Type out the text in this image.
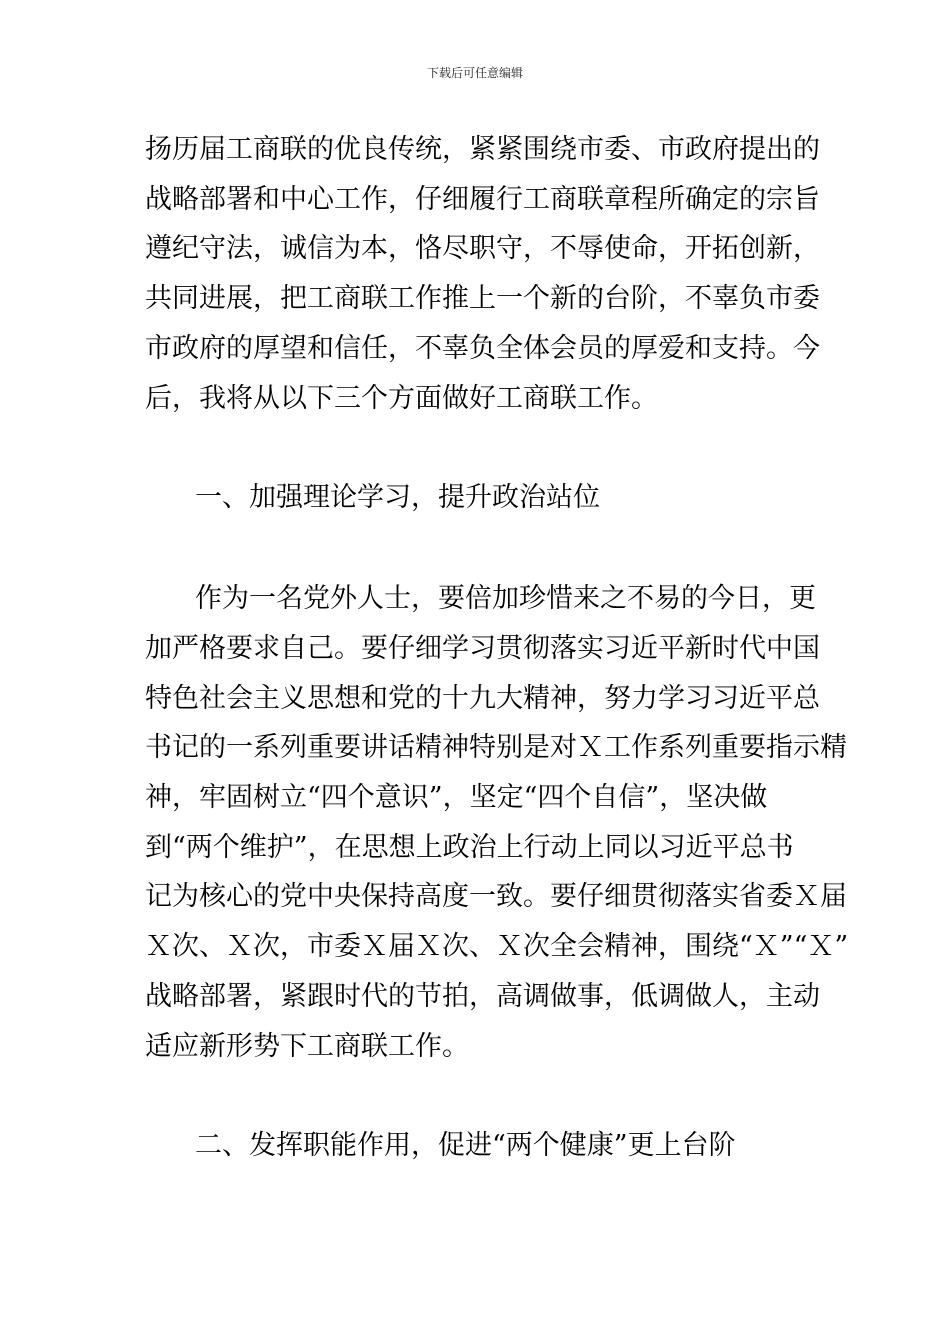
下载后可任意编辑
扬历届工商联的优良传统，紧紧围绕市委、市政府提出的
战略部署和中心工作，仔细履行工商联章程所确定的宗旨
遵纪守法，诚信为本，恪尽职守，不辱使命，开拓创新，
共同进展，把工商联工作推上一个新的台阶，不辜负市委
市政府的厚望和信任，不辜负全体会员的厚爱和支持。今
后，我将从以下三个方面做好工商联工作。
一、加强理论学习，提升政治站位
作为一名党外人士，要倍加珍惜来之不易的今日，更
加严格要求自己。要仔细学习贯彻落实习近平新时代中国
特色社会主义思想和党的十九大精神，努力学习习近平总
书记的一系列重要讲话精神特别是对Ｘ工作系列重要指示精
神，牢固树立“四个意识”，坚定“四个自信”，坚决做
到“两个维护”，在思想上政治上行动上同以习近平总书
记为核心的党中央保持高度一致。要仔细贯彻落实省委Ｘ届
Ｘ次、Ｘ次，市委Ｘ届Ｘ次、Ｘ次全会精神，围绕“Ｘ”“Ｘ”
战略部署，紧跟时代的节拍，高调做事，低调做人，主动
适应新形势下工商联工作。
二、发挥职能作用，促进“两个健康”更上台阶
